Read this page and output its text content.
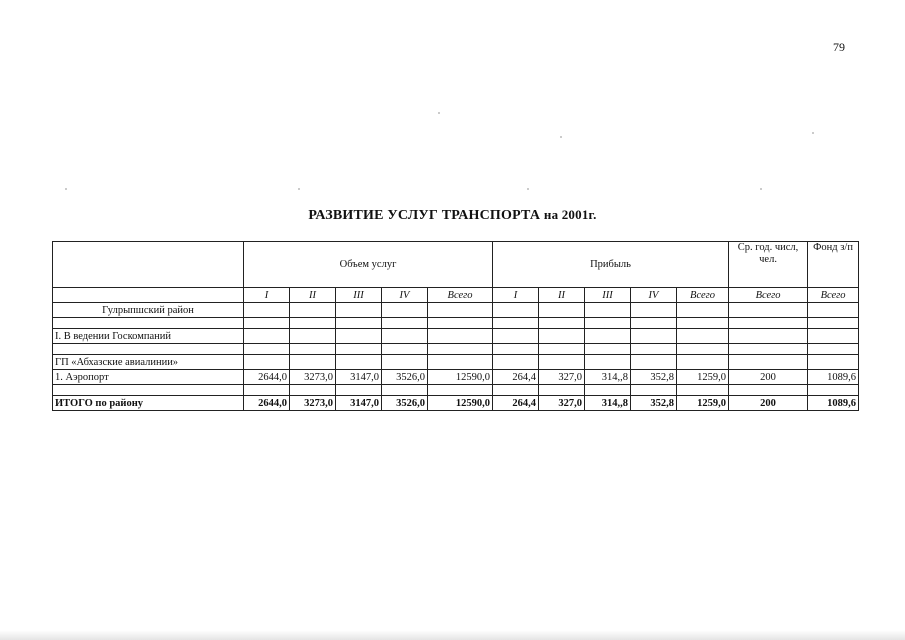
79
РАЗВИТИЕ УСЛУГ ТРАНСПОРТА на 2001г.
	Объем услуг					Прибыль					Ср. год. числ, чел.	Фонд з/п
	I	II	III	IV	Всего	I	II	III	IV	Всего	Всего	Всего
Гулрыпшский район												

I. В ведении Госкомпаний												

ГП «Абхазские авиалинии»												
1. Аэропорт	2644,0	3273,0	3147,0	3526,0	12590,0	264,4	327,0	314,,8	352,8	1259,0	200	1089,6

ИТОГО по району	2644,0	3273,0	3147,0	3526,0	12590,0	264,4	327,0	314,,8	352,8	1259,0	200	1089,6
